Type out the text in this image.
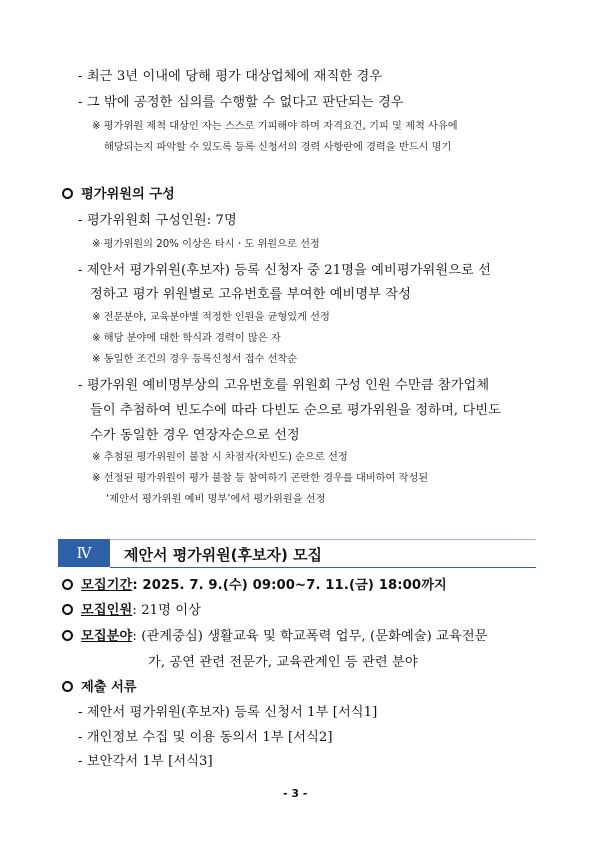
- 최근 3년 이내에 당해 평가 대상업체에 재직한 경우
- 그 밖에 공정한 심의를 수행할 수 없다고 판단되는 경우
※ 평가위원 제척 대상인 자는 스스로 기피해야 하며 자격요건, 기피 및 제척 사유에
해당되는지 파악할 수 있도록 등록 신청서의 경력 사항란에 경력을 반드시 명기
평가위원의 구성
- 평가위원회 구성인원: 7명
※ 평가위원의 20% 이상은 타시ㆍ도 위원으로 선정
- 제안서 평가위원(후보자) 등록 신청자 중 21명을 예비평가위원으로 선
정하고 평가 위원별로 고유번호를 부여한 예비명부 작성
※ 전문분야, 교육분야별 적정한 인원을 균형있게 선정
※ 해당 분야에 대한 학식과 경력이 많은 자
※ 동일한 조건의 경우 등록신청서 접수 선착순
- 평가위원 예비명부상의 고유번호를 위원회 구성 인원 수만큼 참가업체
들이 추첨하여 빈도수에 따라 다빈도 순으로 평가위원을 정하며, 다빈도
수가 동일한 경우 연장자순으로 선정
※ 추첨된 평가위원이 불참 시 차점자(차빈도) 순으로 선정
※ 선정된 평가위원이 평가 불참 등 참여하기 곤란한 경우를 대비하여 작성된
‘제안서 평가위원 예비 명부’에서 평가위원을 선정
Ⅳ	제안서 평가위원(후보자) 모집
모집기간: 2025. 7. 9.(수) 09:00~7. 11.(금) 18:00까지
모집인원: 21명 이상
모집분야: (관계중심) 생활교육 및 학교폭력 업무, (문화예술) 교육전문
가, 공연 관련 전문가, 교육관계인 등 관련 분야
제출 서류
- 제안서 평가위원(후보자) 등록 신청서 1부 [서식1]
- 개인정보 수집 및 이용 동의서 1부 [서식2]
- 보안각서 1부 [서식3]
- 3 -
